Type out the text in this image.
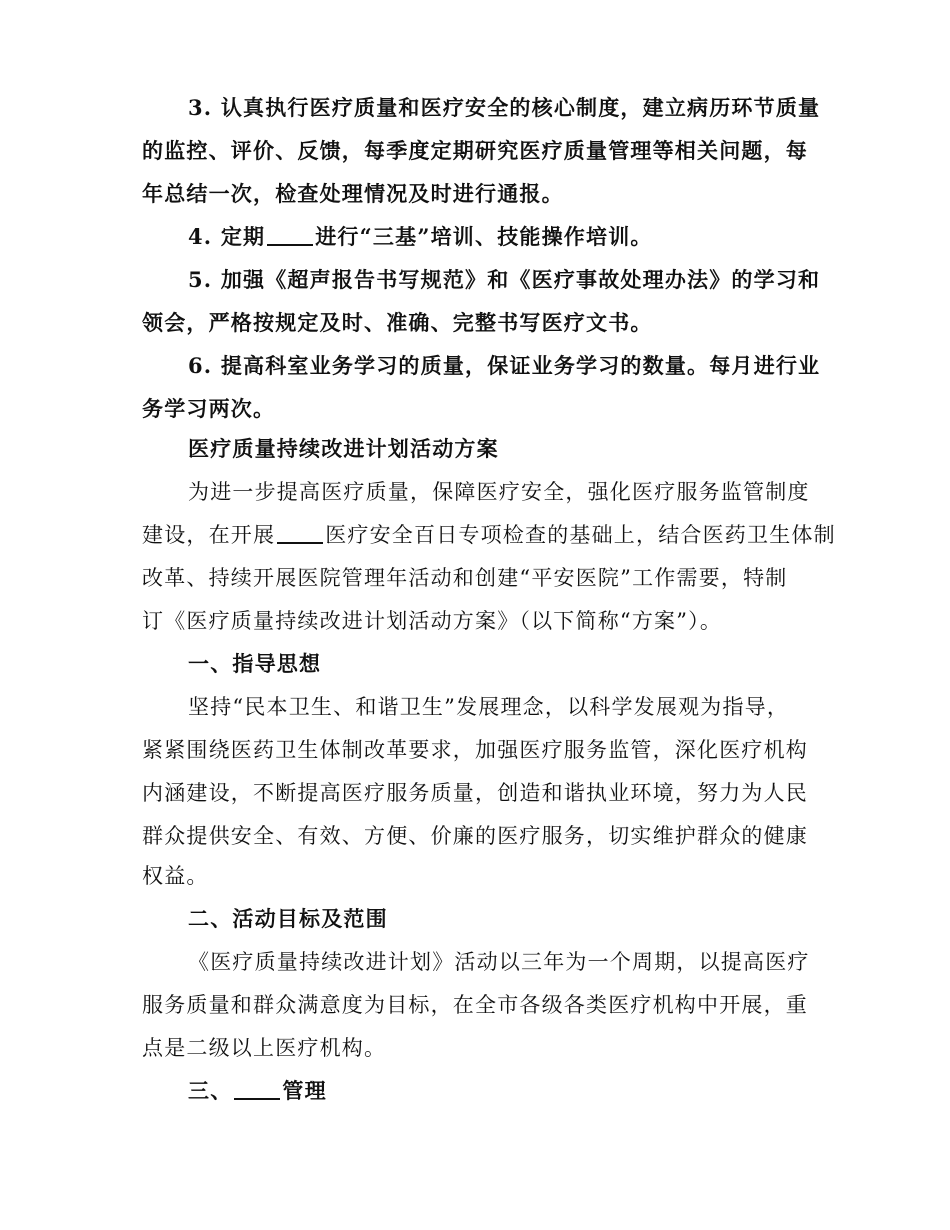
3. 认真执行医疗质量和医疗安全的核心制度，建立病历环节质量
的监控、评价、反馈，每季度定期研究医疗质量管理等相关问题，每
年总结一次，检查处理情况及时进行通报。
4. 定期 进行“三基”培训、技能操作培训。
5. 加强《超声报告书写规范》和《医疗事故处理办法》的学习和
领会，严格按规定及时、准确、完整书写医疗文书。
6. 提高科室业务学习的质量，保证业务学习的数量。每月进行业
务学习两次。
医疗质量持续改进计划活动方案
为进一步提高医疗质量，保障医疗安全，强化医疗服务监管制度
建设，在开展 医疗安全百日专项检查的基础上，结合医药卫生体制
改革、持续开展医院管理年活动和创建“平安医院”工作需要，特制
订《医疗质量持续改进计划活动方案》（以下简称“方案”）。
一、指导思想
坚持“民本卫生、和谐卫生”发展理念，以科学发展观为指导，
紧紧围绕医药卫生体制改革要求，加强医疗服务监管，深化医疗机构
内涵建设，不断提高医疗服务质量，创造和谐执业环境，努力为人民
群众提供安全、有效、方便、价廉的医疗服务，切实维护群众的健康
权益。
二、活动目标及范围
《医疗质量持续改进计划》活动以三年为一个周期，以提高医疗
服务质量和群众满意度为目标，在全市各级各类医疗机构中开展，重
点是二级以上医疗机构。
三、 管理
